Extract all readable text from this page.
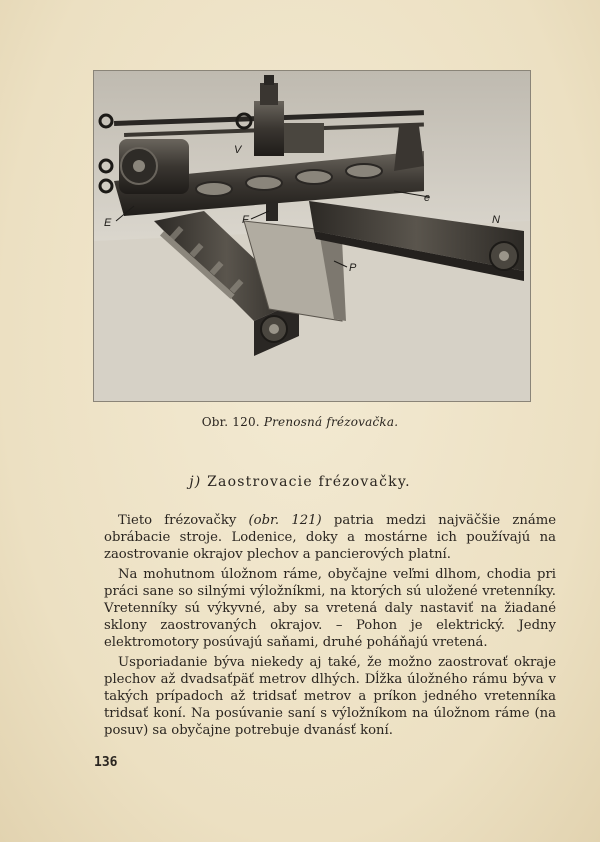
V
e
N
E	F
P
Obr. 120. Prenosná frézovačka.
j) Zaostrovacie frézovačky.

Tieto frézovačky (obr. 121) patria medzi najväčšie známe obrábacie stroje. Lodenice, doky a mostárne ich používajú na zaostrovanie okrajov plechov a pancierových platní.

Na mohutnom úložnom ráme, obyčajne veľmi dlhom, chodia pri práci sane so silnými výložníkmi, na ktorých sú uložené vretenníky. Vretenníky sú výkyvné, aby sa vretená daly nastaviť na žiadané sklony zaostrovaných okrajov. – Pohon je elektrický. Jedny elektromotory posúvajú saňami, druhé poháňajú vretená.

Usporiadanie býva niekedy aj také, že možno zaostrovať okraje plechov až dvadsaťpäť metrov dlhých. Dĺžka úložného rámu býva v takých prípadoch až tridsať metrov a príkon jedného vretenníka tridsať koní. Na posúvanie saní s výložníkom na úložnom ráme (na posuv) sa obyčajne potrebuje dvanásť koní.

136
